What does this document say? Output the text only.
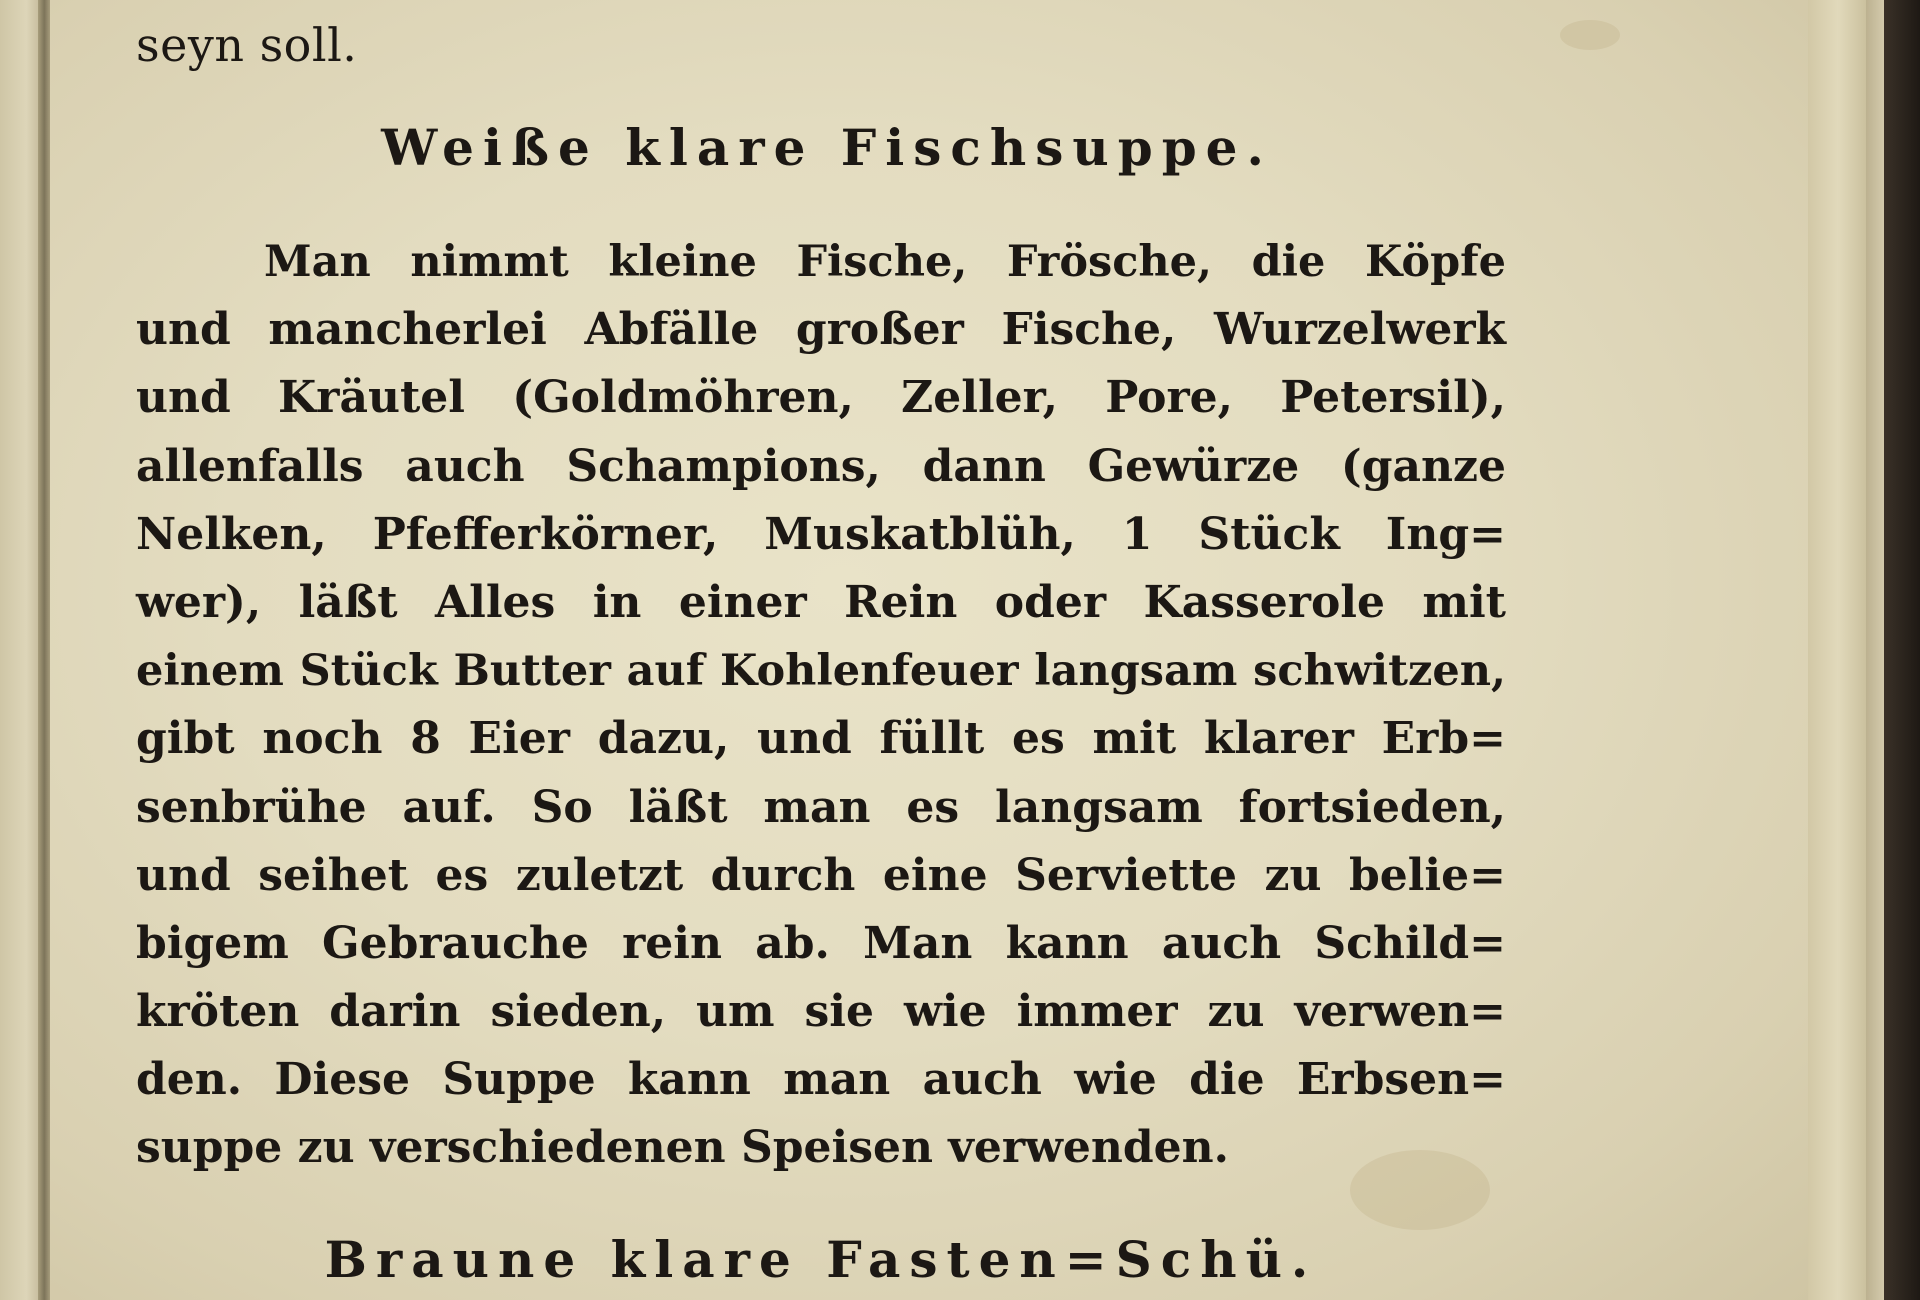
seyn soll.
Weiße klare Fischsuppe.
Man nimmt kleine Fische, Frösche, die Köpfe
und mancherlei Abfälle großer Fische, Wurzelwerk
und Kräutel (Goldmöhren, Zeller, Pore, Petersil),
allenfalls auch Schampions, dann Gewürze (ganze
Nelken, Pfefferkörner, Muskatblüh, 1 Stück Ing=
wer), läßt Alles in einer Rein oder Kasserole mit
einem Stück Butter auf Kohlenfeuer langsam schwitzen,
gibt noch 8 Eier dazu, und füllt es mit klarer Erb=
senbrühe auf. So läßt man es langsam fortsieden,
und seihet es zuletzt durch eine Serviette zu belie=
bigem Gebrauche rein ab. Man kann auch Schild=
kröten darin sieden, um sie wie immer zu verwen=
den. Diese Suppe kann man auch wie die Erbsen=
suppe zu verschiedenen Speisen verwenden.
Braune klare Fasten=Schü.
